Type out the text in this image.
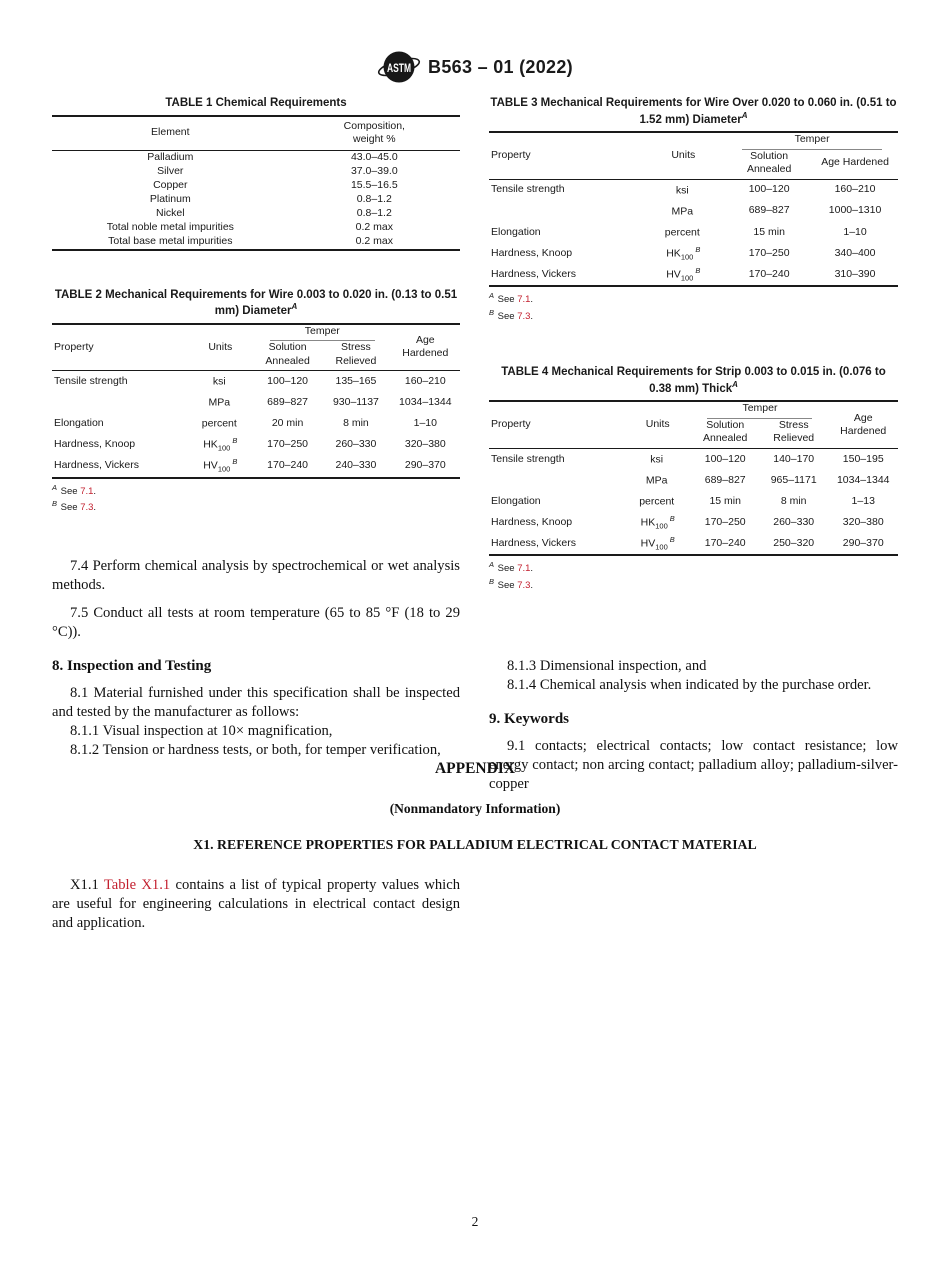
ASTM B563 – 01 (2022)

TABLE 1 Chemical Requirements

Element	Composition,
weight %

Palladium	43.0–45.0
Silver	37.0–39.0
Copper	15.5–16.5
Platinum	0.8–1.2
Nickel	0.8–1.2
Total noble metal impurities	0.2 max
Total base metal impurities	0.2 max

TABLE 2 Mechanical Requirements for Wire 0.003 to 0.020 in. (0.13 to 0.51 mm) Diameter$^A$

Property	Units	Temper		Age Hardened
		Solution Annealed	Stress Relieved	
Tensile strength	ksi	100–120	135–165	160–210
	MPa	689–827	930–1137	1034–1344
Elongation	percent	20 min	8 min	1–10
Hardness, Knoop	$HK_{100}^B$	170–250	260–330	320–380
Hardness, Vickers	$HV_{100}^B$	170–240	240–330	290–370
$^A$ See 7.1.
$^B$ See 7.3.

7.4 Perform chemical analysis by spectrochemical or wet analysis methods.

7.5 Conduct all tests at room temperature (65 to 85 °F (18 to 29 °C)).

8. Inspection and Testing

8.1 Material furnished under this specification shall be inspected and tested by the manufacturer as follows:

8.1.1 Visual inspection at 10× magnification,

8.1.2 Tension or hardness tests, or both, for temper verification,

TABLE 3 Mechanical Requirements for Wire Over 0.020 to 0.060 in. (0.51 to 1.52 mm) Diameter$^A$

Property	Units	Temper	

		Solution Annealed	Age Hardened
Tensile strength	ksi	100–120	160–210
	MPa	689–827	1000–1310
Elongation	percent	15 min	1–10
Hardness, Knoop	$HK_{100}^B$	170–250	340–400
Hardness, Vickers	$HV_{100}^B$	170–240	310–390
$^A$ See 7.1.
$^B$ See 7.3.

TABLE 4 Mechanical Requirements for Strip 0.003 to 0.015 in. (0.076 to 0.38 mm) Thick$^A$

Property	Units	Temper		Age Hardened
		Solution Annealed	Stress Relieved	
Tensile strength	ksi	100–120	140–170	150–195
	MPa	689–827	965–1171	1034–1344
Elongation	percent	15 min	8 min	1–13
Hardness, Knoop	$HK_{100}^B$	170–250	260–330	320–380
Hardness, Vickers	$HV_{100}^B$	170–240	250–320	290–370
$^A$ See 7.1.
$^B$ See 7.3.

8.1.3 Dimensional inspection, and

8.1.4 Chemical analysis when indicated by the purchase order.

9. Keywords

9.1 contacts; electrical contacts; low contact resistance; low energy contact; non arcing contact; palladium alloy; palladium-silver-copper

APPENDIX

(Nonmandatory Information)

X1. REFERENCE PROPERTIES FOR PALLADIUM ELECTRICAL CONTACT MATERIAL

X1.1 Table X1.1 contains a list of typical property values which are useful for engineering calculations in electrical contact design and application.

2
